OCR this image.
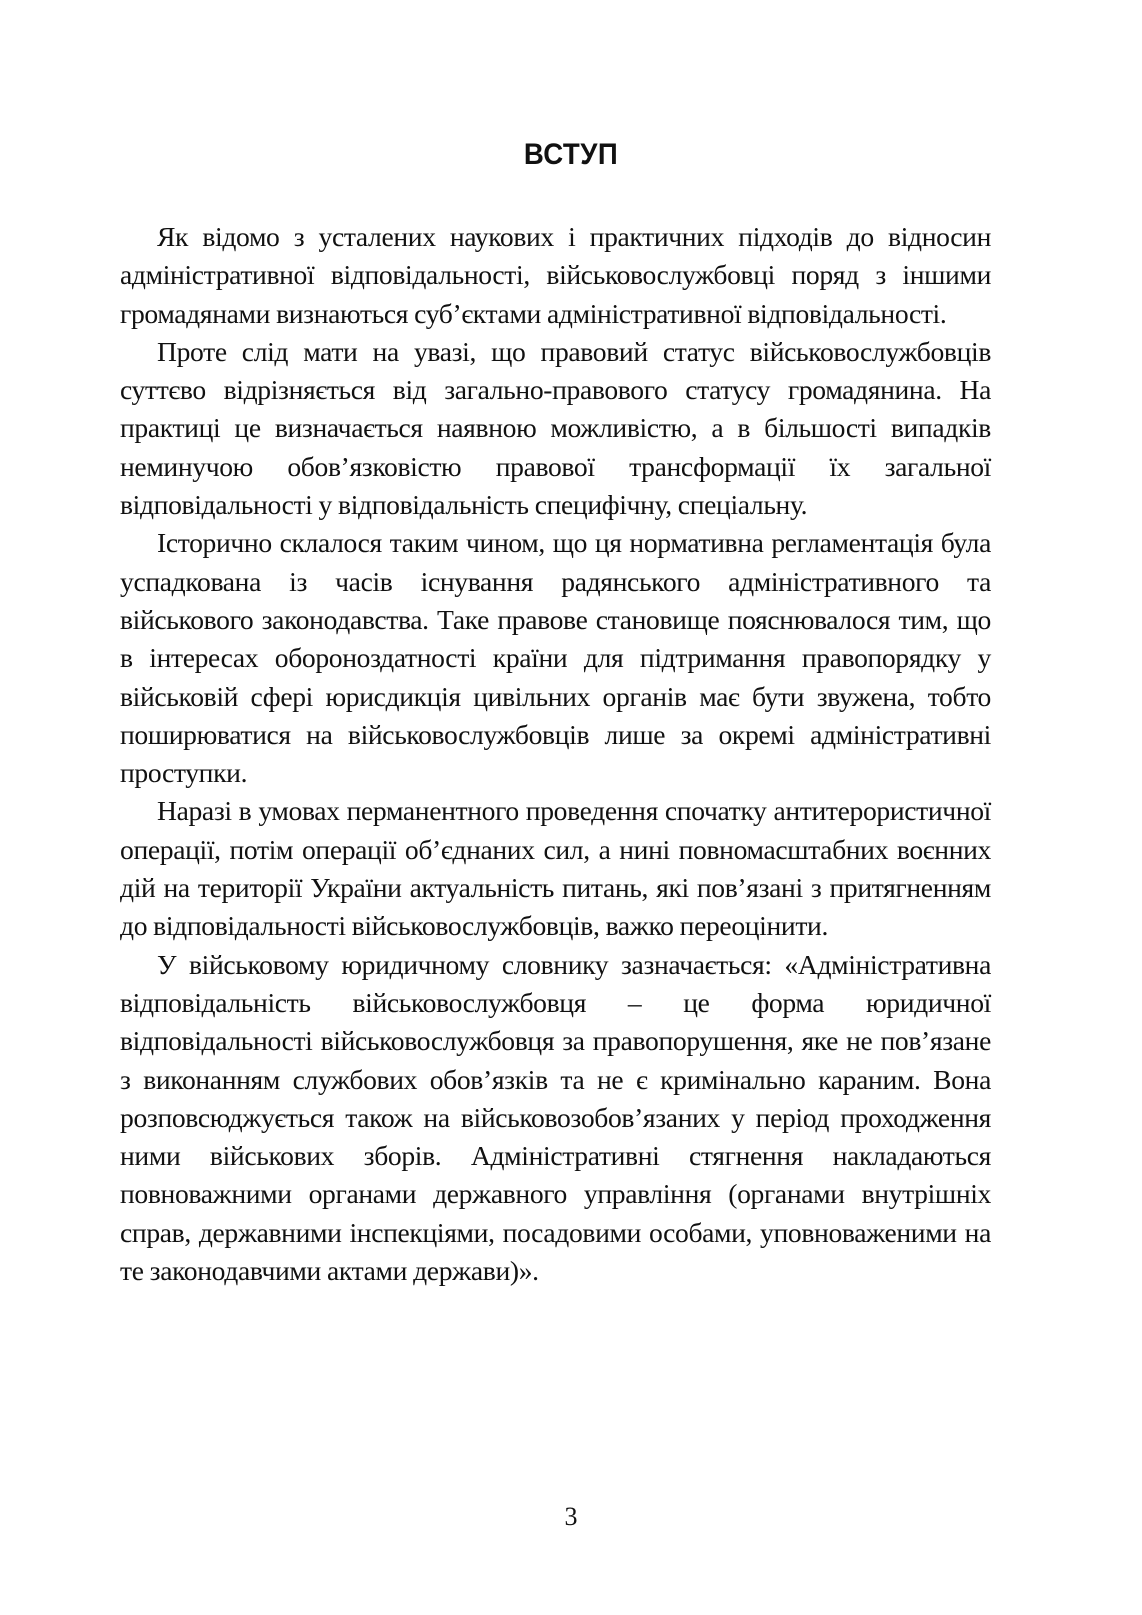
ВСТУП

Як відомо з усталених наукових і практичних підходів до відносин адміністративної відповідальності, військовослужбовці поряд з іншими громадянами визнаються суб’єктами адміністративної відповідальності.

Проте слід мати на увазі, що правовий статус військовослужбовців суттєво відрізняється від загально-правового статусу громадянина. На практиці це визначається наявною можливістю, а в більшості випадків неминучою обов’язковістю правової трансформації їх загальної відповідальності у відповідальність специфічну, спеціальну.

Історично склалося таким чином, що ця нормативна регламентація була успадкована із часів існування радянського адміністративного та військового законодавства. Таке правове становище пояснювалося тим, що в інтересах обороноздатності країни для підтримання правопорядку у військовій сфері юрисдикція цивільних органів має бути звужена, тобто поширюватися на військовослужбовців лише за окремі адміністративні проступки.

Наразі в умовах перманентного проведення спочатку антитерористичної операції, потім операції об’єднаних сил, а нині повномасштабних воєнних дій на території України актуальність питань, які пов’язані з притягненням до відповідальності військовослужбовців, важко переоцінити.

У військовому юридичному словнику зазначається: «Адміністративна відповідальність військовослужбовця – це форма юридичної відповідальності військовослужбовця за правопорушення, яке не пов’язане з виконанням службових обов’язків та не є кримінально караним. Вона розповсюджується також на військовозобов’язаних у період проходження ними військових зборів. Адміністративні стягнення накладаються повноважними органами державного управління (органами внутрішніх справ, державними інспекціями, посадовими особами, уповноваженими на те законодавчими актами держави)».

3
